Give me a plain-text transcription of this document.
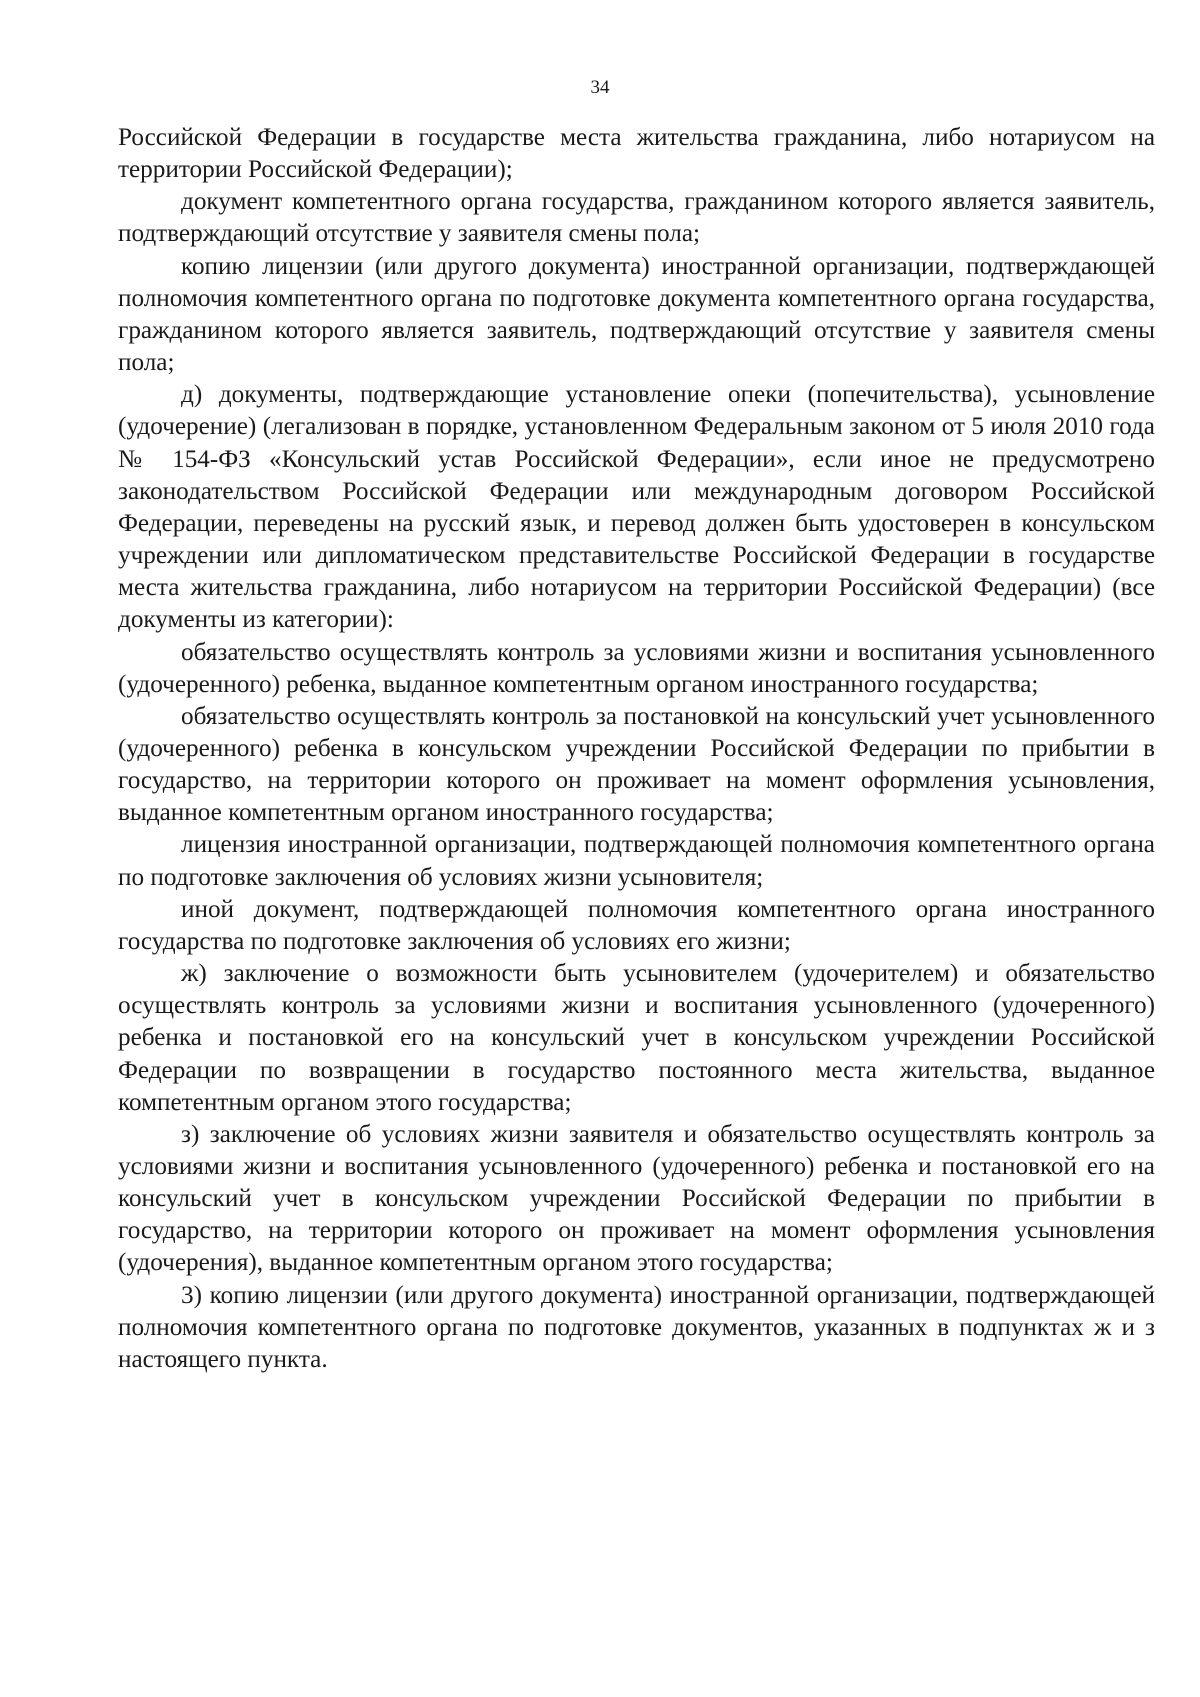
34

Российской Федерации в государстве места жительства гражданина, либо нотариусом на территории Российской Федерации);

документ компетентного органа государства, гражданином которого является заявитель, подтверждающий отсутствие у заявителя смены пола;

копию лицензии (или другого документа) иностранной организации, подтверждающей полномочия компетентного органа по подготовке документа компетентного органа государства, гражданином которого является заявитель, подтверждающий отсутствие у заявителя смены пола;

д) документы, подтверждающие установление опеки (попечительства), усыновление (удочерение) (легализован в порядке, установленном Федеральным законом от 5 июля 2010 года № 154-ФЗ «Консульский устав Российской Федерации», если иное не предусмотрено законодательством Российской Федерации или международным договором Российской Федерации, переведены на русский язык, и перевод должен быть удостоверен в консульском учреждении или дипломатическом представительстве Российской Федерации в государстве места жительства гражданина, либо нотариусом на территории Российской Федерации) (все документы из категории):

обязательство осуществлять контроль за условиями жизни и воспитания усыновленного (удочеренного) ребенка, выданное компетентным органом иностранного государства;

обязательство осуществлять контроль за постановкой на консульский учет усыновленного (удочеренного) ребенка в консульском учреждении Российской Федерации по прибытии в государство, на территории которого он проживает на момент оформления усыновления, выданное компетентным органом иностранного государства;

лицензия иностранной организации, подтверждающей полномочия компетентного органа по подготовке заключения об условиях жизни усыновителя;

иной документ, подтверждающей полномочия компетентного органа иностранного государства по подготовке заключения об условиях его жизни;

ж) заключение о возможности быть усыновителем (удочерителем) и обязательство осуществлять контроль за условиями жизни и воспитания усыновленного (удочеренного) ребенка и постановкой его на консульский учет в консульском учреждении Российской Федерации по возвращении в государство постоянного места жительства, выданное компетентным органом этого государства;

з) заключение об условиях жизни заявителя и обязательство осуществлять контроль за условиями жизни и воспитания усыновленного (удочеренного) ребенка и постановкой его на консульский учет в консульском учреждении Российской Федерации по прибытии в государство, на территории которого он проживает на момент оформления усыновления (удочерения), выданное компетентным органом этого государства;

3) копию лицензии (или другого документа) иностранной организации, подтверждающей полномочия компетентного органа по подготовке документов, указанных в подпунктах ж и з настоящего пункта.
